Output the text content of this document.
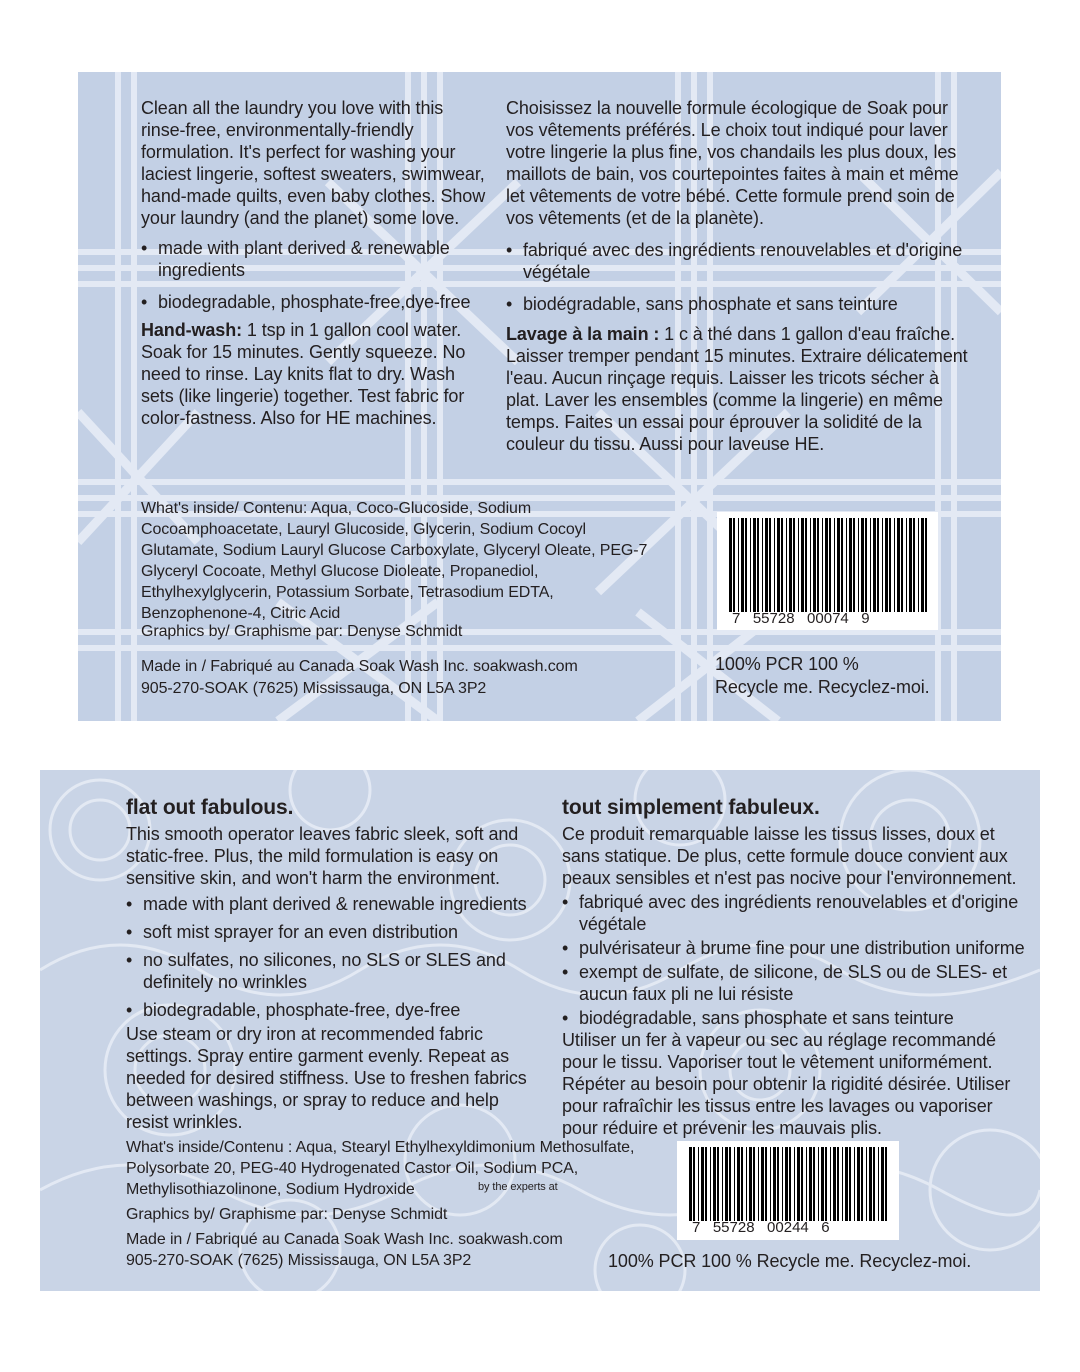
Clean all the laundry you love with this rinse-free, environmentally-friendly formulation. It's perfect for washing your laciest lingerie, softest sweaters, swimwear, hand-made quilts, even baby clothes. Show your laundry (and the planet) some love.

• made with plant derived & renewable ingredients
• biodegradable, phosphate-free,dye-free

Hand-wash: 1 tsp in 1 gallon cool water. Soak for 15 minutes. Gently squeeze. No need to rinse. Lay knits flat to dry. Wash sets (like lingerie) together. Test fabric for color-fastness. Also for HE machines.

Choisissez la nouvelle formule écologique de Soak pour vos vêtements préférés. Le choix tout indiqué pour laver votre lingerie la plus fine, vos chandails les plus doux, les maillots de bain, vos courtepointes faites à main et même let vêtements de votre bébé. Cette formule prend soin de vos vêtements (et de la planète).

• fabriqué avec des ingrédients renouvelables et d'origine végétale
• biodégradable, sans phosphate et sans teinture

Lavage à la main : 1 c à thé dans 1 gallon d'eau fraîche. Laisser tremper pendant 15 minutes. Extraire délicatement l'eau. Aucun rinçage requis. Laisser les tricots sécher à plat. Laver les ensembles (comme la lingerie) en même temps. Faites un essai pour éprouver la solidité de la couleur du tissu. Aussi pour laveuse HE.

What's inside/ Contenu: Aqua, Coco-Glucoside, Sodium Cocoamphoacetate, Lauryl Glucoside, Glycerin, Sodium Cocoyl Glutamate, Sodium Lauryl Glucose Carboxylate, Glyceryl Oleate, PEG-7 Glyceryl Cocoate, Methyl Glucose Dioleate, Propanediol, Ethylhexylglycerin, Potassium Sorbate, Tetrasodium EDTA, Benzophenone-4, Citric Acid
Graphics by/ Graphisme par: Denyse Schmidt
Made in / Fabriqué au Canada Soak Wash Inc. soakwash.com
905-270-SOAK (7625) Mississauga, ON L5A 3P2
7   55728   00074   9
100% PCR 100 %
Recycle me. Recyclez-moi.
flat out fabulous.

This smooth operator leaves fabric sleek, soft and static-free. Plus, the mild formulation is easy on sensitive skin, and won't harm the environment.

• made with plant derived & renewable ingredients
• soft mist sprayer for an even distribution
• no sulfates, no silicones, no SLS or SLES and definitely no wrinkles
• biodegradable, phosphate-free, dye-free

Use steam or dry iron at recommended fabric settings. Spray entire garment evenly. Repeat as needed for desired stiffness. Use to freshen fabrics between washings, or spray to reduce and help resist wrinkles.

tout simplement fabuleux.

Ce produit remarquable laisse les tissus lisses, doux et sans statique. De plus, cette formule douce convient aux peaux sensibles et n'est pas nocive pour l'environnement.

• fabriqué avec des ingrédients renouvelables et d'origine végétale
• pulvérisateur à brume fine pour une distribution uniforme
• exempt de sulfate, de silicone, de SLS ou de SLES- et aucun faux pli ne lui résiste
• biodégradable, sans phosphate et sans teinture

Utiliser un fer à vapeur ou sec au réglage recommandé pour le tissu. Vaporiser tout le vêtement uniformément. Répéter au besoin pour obtenir la rigidité désirée. Utiliser pour rafraîchir les tissus entre les lavages ou vaporiser pour réduire et prévenir les mauvais plis.

What's inside/Contenu : Aqua, Stearyl Ethylhexyldimonium Methosulfate, Polysorbate 20, PEG-40 Hydrogenated Castor Oil, Sodium PCA, Methylisothiazolinone, Sodium Hydroxide	by the experts at
Graphics by/ Graphisme par: Denyse Schmidt
Made in / Fabriqué au Canada Soak Wash Inc. soakwash.com
905-270-SOAK (7625) Mississauga, ON L5A 3P2
7   55728   00244   6
100% PCR 100 % Recycle me. Recyclez-moi.
